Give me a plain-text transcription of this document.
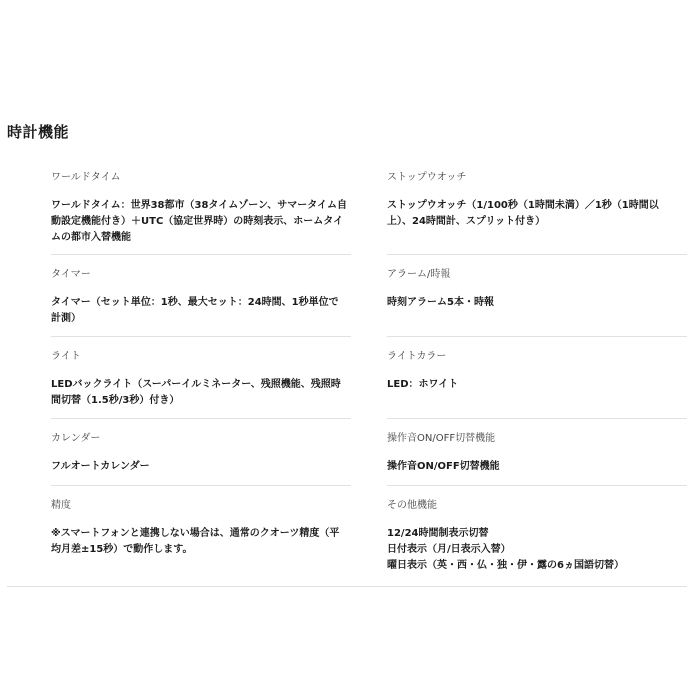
時計機能
ワールドタイム
ワールドタイム：世界38都市（38タイムゾーン、サマータイム自
動設定機能付き）＋UTC（協定世界時）の時刻表示、ホームタイ
ムの都市入替機能
ストップウオッチ
ストップウオッチ（1/100秒（1時間未満）／1秒（1時間以
上）、24時間計、スプリット付き）
タイマー
タイマー（セット単位：1秒、最大セット：24時間、1秒単位で
計測）
アラーム/時報
時刻アラーム5本・時報
ライト
LEDバックライト（スーパーイルミネーター、残照機能、残照時
間切替（1.5秒/3秒）付き）
ライトカラー
LED：ホワイト
カレンダー
フルオートカレンダー
操作音ON/OFF切替機能
操作音ON/OFF切替機能
精度
※スマートフォンと連携しない場合は、通常のクオーツ精度（平
均月差±15秒）で動作します。
その他機能
12/24時間制表示切替
日付表示（月/日表示入替）
曜日表示（英・西・仏・独・伊・露の6ヵ国語切替）
